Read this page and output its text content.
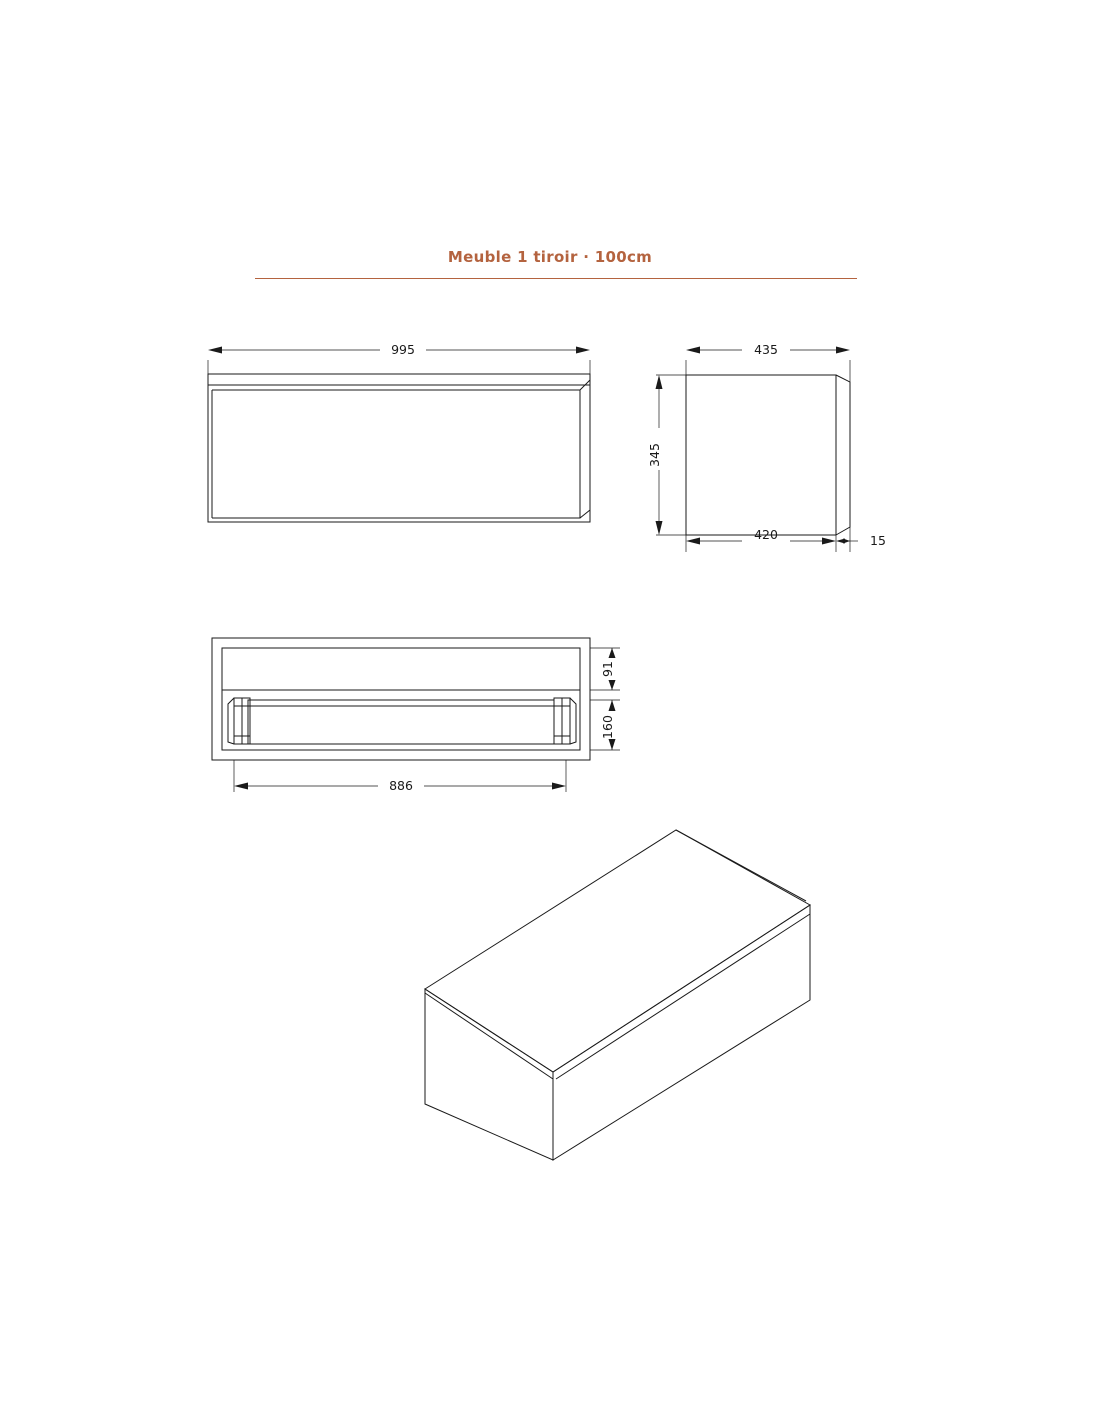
Meuble 1 tiroir · 100cm
995	435
345
420	15
91
160
886
